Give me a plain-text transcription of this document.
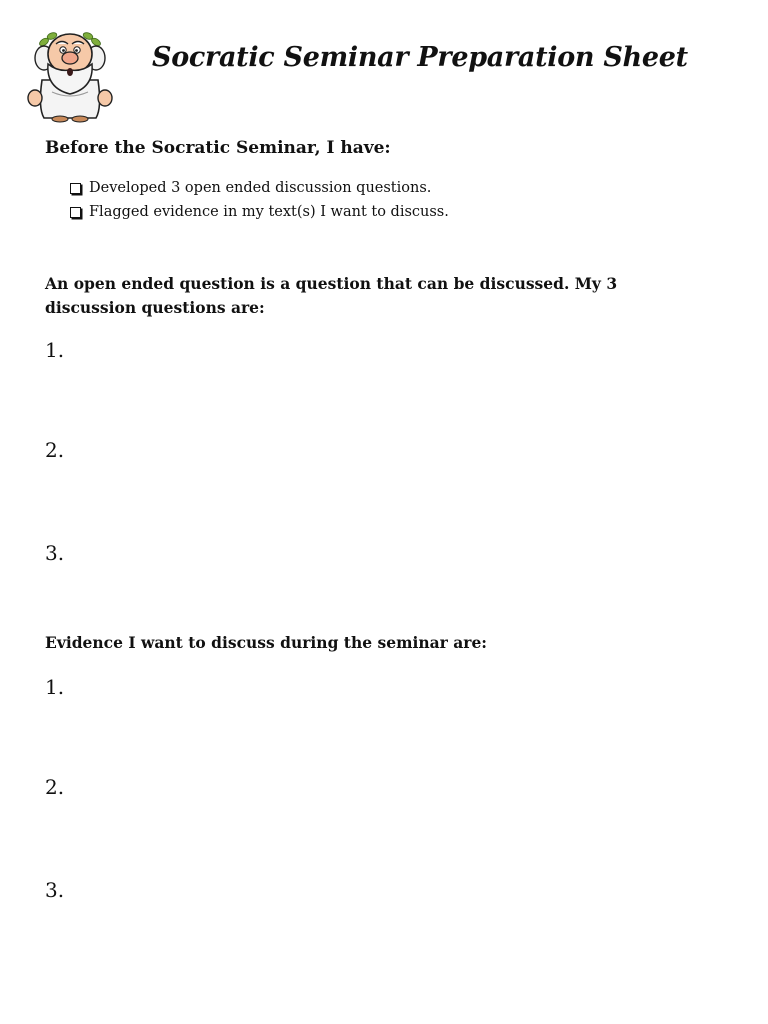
Socratic Seminar Preparation Sheet
Before the Socratic Seminar, I have:
Developed 3 open ended discussion questions.
Flagged evidence in my text(s) I want to discuss.
An open ended question is a question that can be discussed. My 3 discussion questions are:
1.
2.
3.
Evidence I want to discuss during the seminar are:
1.
2.
3.
